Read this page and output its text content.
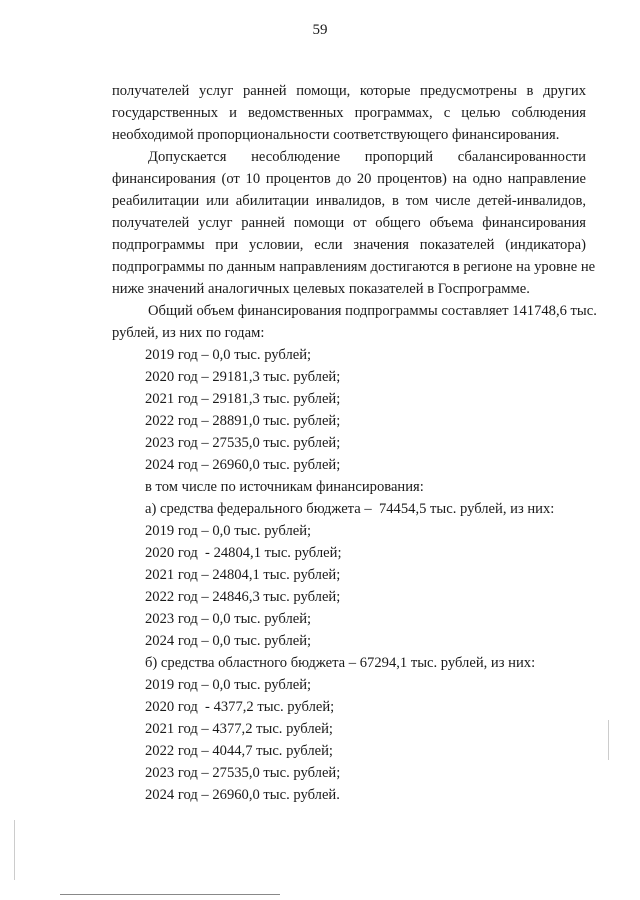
59

получателей услуг ранней помощи, которые предусмотрены в других
государственных и ведомственных программах, с целью соблюдения
необходимой пропорциональности соответствующего финансирования.

Допускается несоблюдение пропорций сбалансированности
финансирования (от 10 процентов до 20 процентов) на одно направление
реабилитации или абилитации инвалидов, в том числе детей-инвалидов,
получателей услуг ранней помощи от общего объема финансирования
подпрограммы при условии, если значения показателей (индикатора)
подпрограммы по данным направлениям достигаются в регионе на уровне не
ниже значений аналогичных целевых показателей в Госпрограмме.

Общий объем финансирования подпрограммы составляет 141748,6 тыс.
рублей, из них по годам:

2019 год – 0,0 тыс. рублей;
2020 год – 29181,3 тыс. рублей;
2021 год – 29181,3 тыс. рублей;
2022 год – 28891,0 тыс. рублей;
2023 год – 27535,0 тыс. рублей;
2024 год – 26960,0 тыс. рублей;
в том числе по источникам финансирования:
а) средства федерального бюджета –  74454,5 тыс. рублей, из них:
2019 год – 0,0 тыс. рублей;
2020 год  - 24804,1 тыс. рублей;
2021 год – 24804,1 тыс. рублей;
2022 год – 24846,3 тыс. рублей;
2023 год – 0,0 тыс. рублей;
2024 год – 0,0 тыс. рублей;
б) средства областного бюджета – 67294,1 тыс. рублей, из них:
2019 год – 0,0 тыс. рублей;
2020 год  - 4377,2 тыс. рублей;
2021 год – 4377,2 тыс. рублей;
2022 год – 4044,7 тыс. рублей;
2023 год – 27535,0 тыс. рублей;
2024 год – 26960,0 тыс. рублей.
